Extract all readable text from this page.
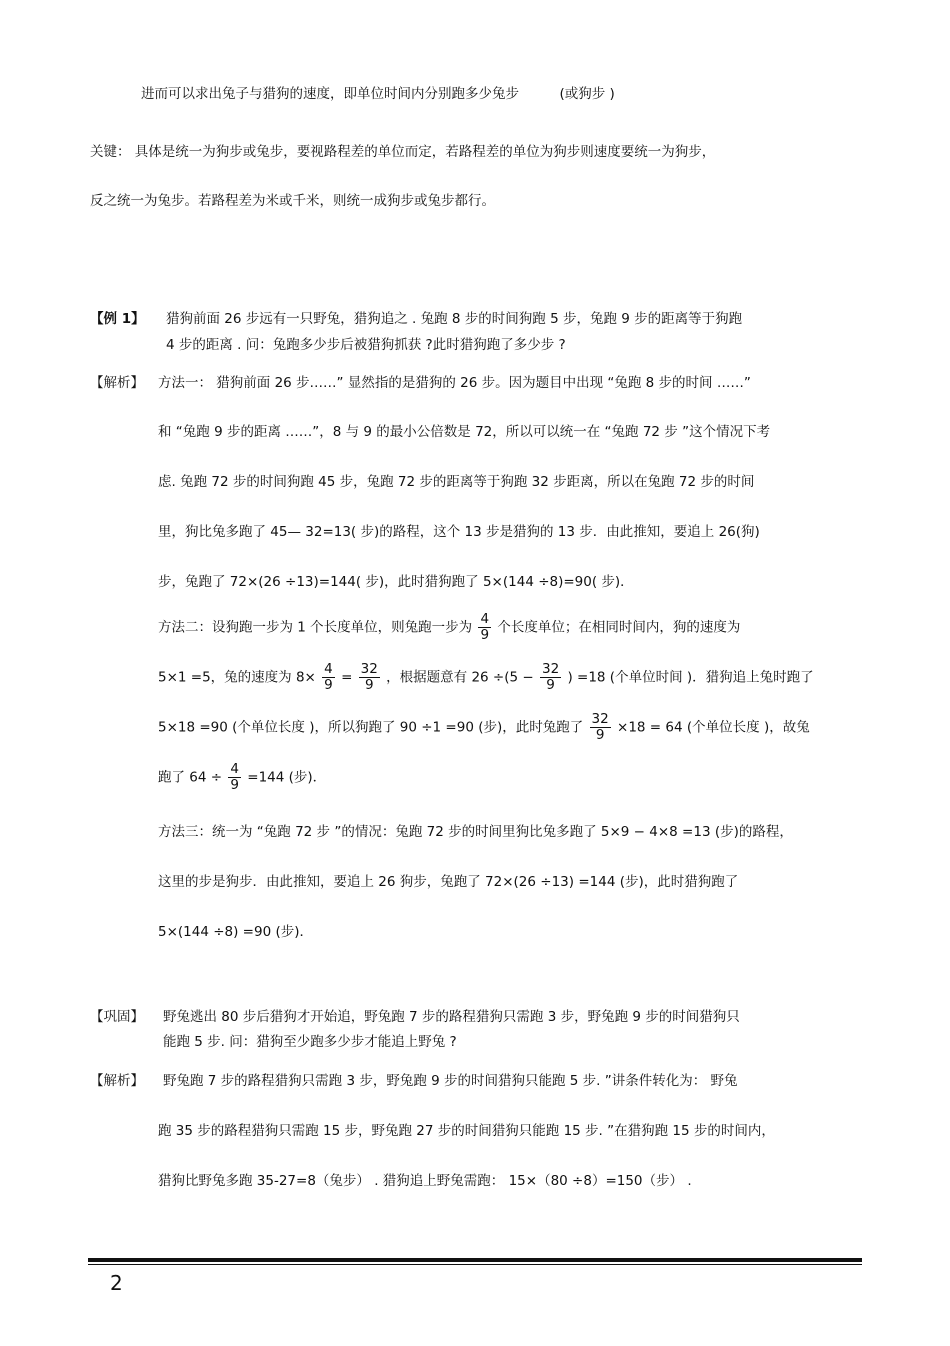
进而可以求出兔子与猎狗的速度，即单位时间内分别跑多少兔步　　　(或狗步 )
关键： 具体是统一为狗步或兔步，要视路程差的单位而定，若路程差的单位为狗步则速度要统一为狗步，
反之统一为兔步。若路程差为米或千米，则统一成狗步或兔步都行。
【例 1】 猎狗前面 26 步远有一只野兔，猎狗追之 . 兔跑 8 步的时间狗跑 5 步，兔跑 9 步的距离等于狗跑
4 步的距离 . 问：兔跑多少步后被猎狗抓获 ?此时猎狗跑了多少步 ?
【解析】 方法一： 猎狗前面 26 步……” 显然指的是猎狗的 26 步。因为题目中出现 “兔跑 8 步的时间 ……”
和 “兔跑 9 步的距离 ……”，8 与 9 的最小公倍数是 72，所以可以统一在 “兔跑 72 步 ”这个情况下考
虑. 兔跑 72 步的时间狗跑 45 步，兔跑 72 步的距离等于狗跑 32 步距离，所以在兔跑 72 步的时间
里，狗比兔多跑了 45— 32=13( 步)的路程，这个 13 步是猎狗的 13 步．由此推知，要追上 26(狗)
步，兔跑了 72×(26 ÷13)=144( 步)，此时猎狗跑了 5×(144 ÷8)=90( 步)．
方法二：设狗跑一步为 1 个长度单位，则兔跑一步为 $\frac{4}{9}$ 个长度单位；在相同时间内，狗的速度为
5×1 =5，兔的速度为 $8\times \frac{4}{9} = \frac{32}{9}$ ，根据题意有 $26 \div(5 - \frac{32}{9}$ ) =18 (个单位时间 )．猎狗追上兔时跑了
5×18 =90 (个单位长度 )，所以狗跑了 90 ÷1 =90 (步)，此时兔跑了 $\frac{32}{9} \times 18 = 64$ (个单位长度 )，故兔
跑了 $64 \div \frac{4}{9} =144$ (步)．
方法三：统一为 “兔跑 72 步 ”的情况：兔跑 72 步的时间里狗比兔多跑了 5×9 − 4×8 =13 (步)的路程，
这里的步是狗步．由此推知，要追上 26 狗步，兔跑了 72×(26 ÷13) =144 (步)，此时猎狗跑了
5×(144 ÷8) =90 (步)．
【巩固】 野兔逃出 80 步后猎狗才开始追，野兔跑 7 步的路程猎狗只需跑 3 步，野兔跑 9 步的时间猎狗只
能跑 5 步. 问：猎狗至少跑多少步才能追上野兔 ?
【解析】 野兔跑 7 步的路程猎狗只需跑 3 步，野兔跑 9 步的时间猎狗只能跑 5 步. ”讲条件转化为： 野兔
跑 35 步的路程猎狗只需跑 15 步，野兔跑 27 步的时间猎狗只能跑 15 步. ”在猎狗跑 15 步的时间内，
猎狗比野兔多跑 35-27=8（兔步） . 猎狗追上野兔需跑： 15×（80 ÷8）=150（步） .
2
